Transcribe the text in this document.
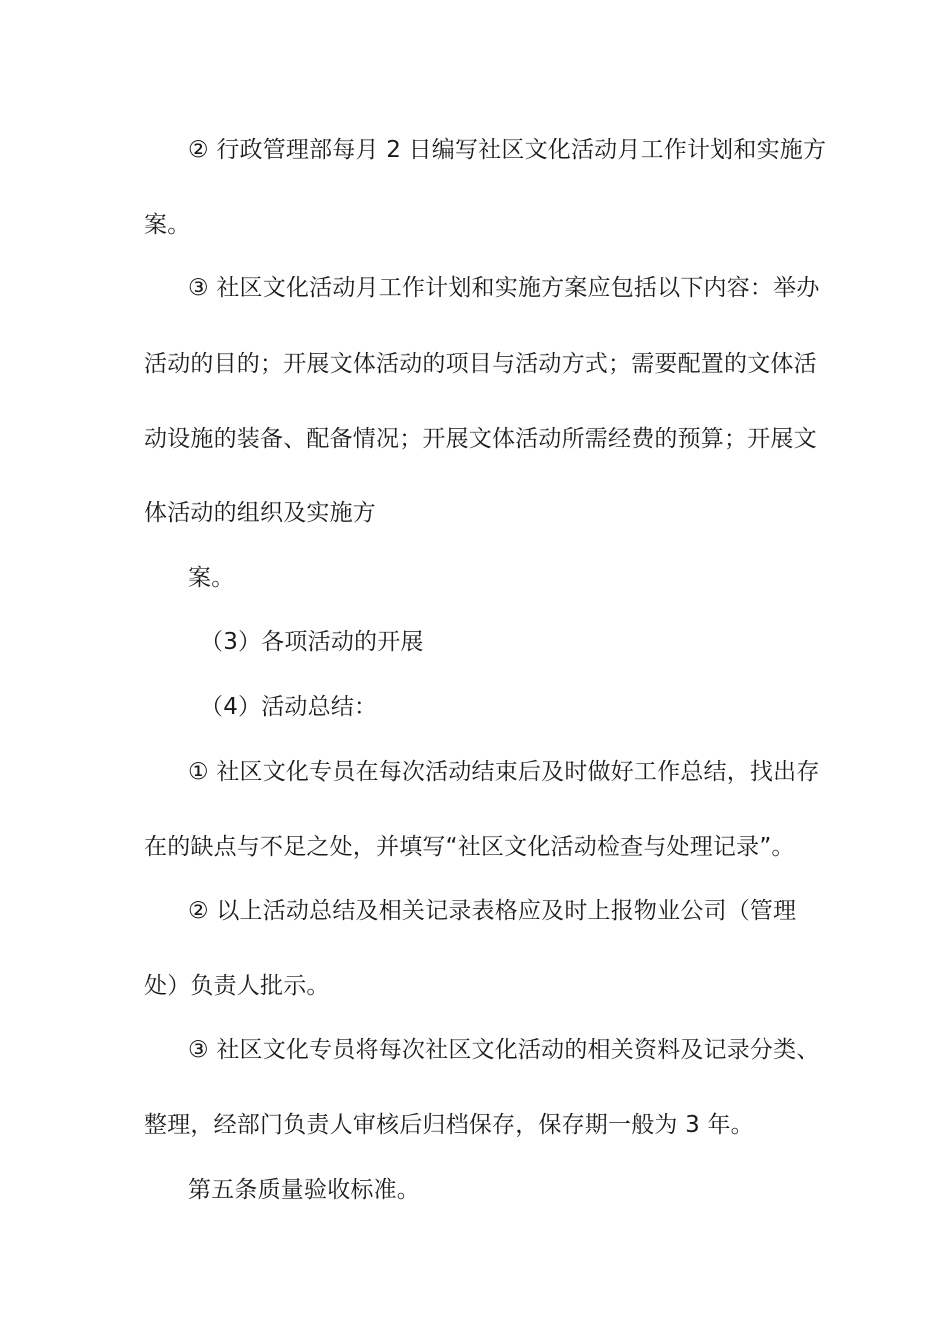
② 行政管理部每月 2 日编写社区文化活动月工作计划和实施方
案。
③ 社区文化活动月工作计划和实施方案应包括以下内容：举办
活动的目的；开展文体活动的项目与活动方式；需要配置的文体活
动设施的装备、配备情况；开展文体活动所需经费的预算；开展文
体活动的组织及实施方
案。
（3）各项活动的开展
（4）活动总结：
① 社区文化专员在每次活动结束后及时做好工作总结，找出存
在的缺点与不足之处，并填写“社区文化活动检查与处理记录”。
② 以上活动总结及相关记录表格应及时上报物业公司（管理
处）负责人批示。
③ 社区文化专员将每次社区文化活动的相关资料及记录分类、
整理，经部门负责人审核后归档保存，保存期一般为 3 年。
第五条质量验收标准。
